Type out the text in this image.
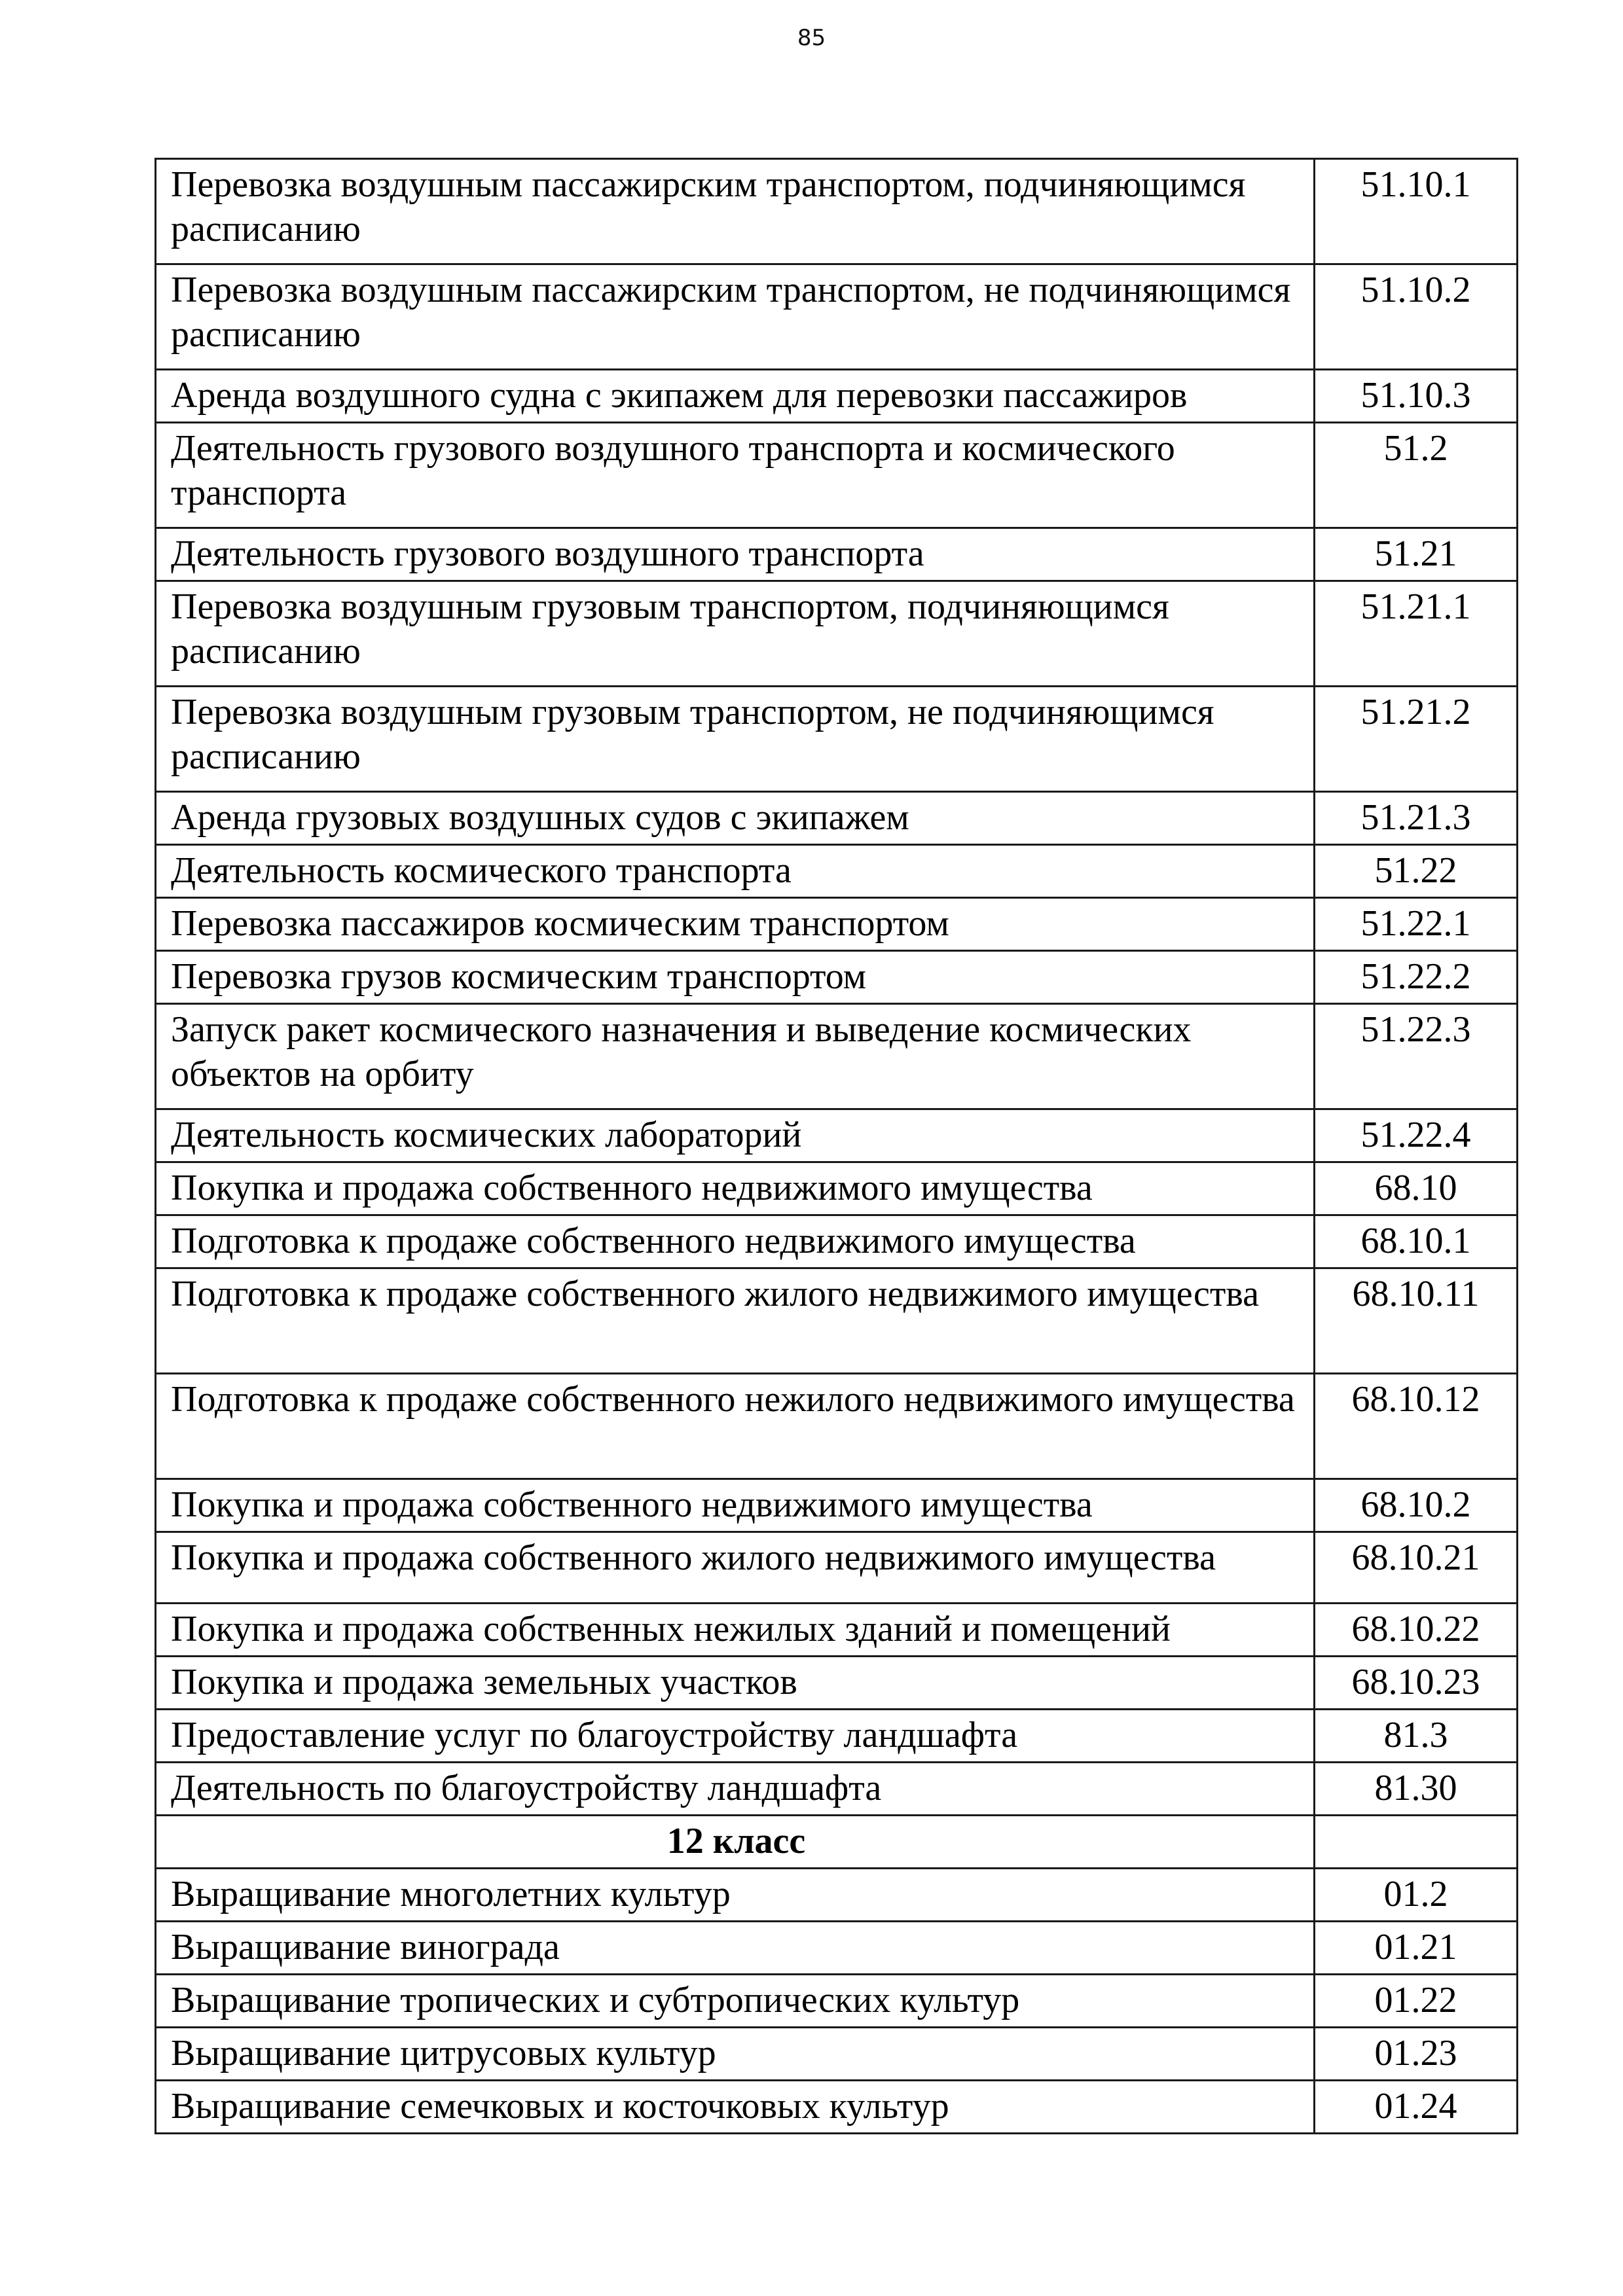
85
Перевозка воздушным пассажирским транспортом, подчиняющимся расписанию	51.10.1
Перевозка воздушным пассажирским транспортом, не подчиняющимся расписанию	51.10.2
Аренда воздушного судна с экипажем для перевозки пассажиров	51.10.3
Деятельность грузового воздушного транспорта и космического транспорта	51.2
Деятельность грузового воздушного транспорта	51.21
Перевозка воздушным грузовым транспортом, подчиняющимся расписанию	51.21.1
Перевозка воздушным грузовым транспортом, не подчиняющимся расписанию	51.21.2
Аренда грузовых воздушных судов с экипажем	51.21.3
Деятельность космического транспорта	51.22
Перевозка пассажиров космическим транспортом	51.22.1
Перевозка грузов космическим транспортом	51.22.2
Запуск ракет космического назначения и выведение космических объектов на орбиту	51.22.3
Деятельность космических лабораторий	51.22.4
Покупка и продажа собственного недвижимого имущества	68.10
Подготовка к продаже собственного недвижимого имущества	68.10.1
Подготовка к продаже собственного жилого недвижимого имущества	68.10.11
Подготовка к продаже собственного нежилого недвижимого имущества	68.10.12
Покупка и продажа собственного недвижимого имущества	68.10.2
Покупка и продажа собственного жилого недвижимого имущества	68.10.21
Покупка и продажа собственных нежилых зданий и помещений	68.10.22
Покупка и продажа земельных участков	68.10.23
Предоставление услуг по благоустройству ландшафта	81.3
Деятельность по благоустройству ландшафта	81.30
12 класс	
Выращивание многолетних культур	01.2
Выращивание винограда	01.21
Выращивание тропических и субтропических культур	01.22
Выращивание цитрусовых культур	01.23
Выращивание семечковых и косточковых культур	01.24
